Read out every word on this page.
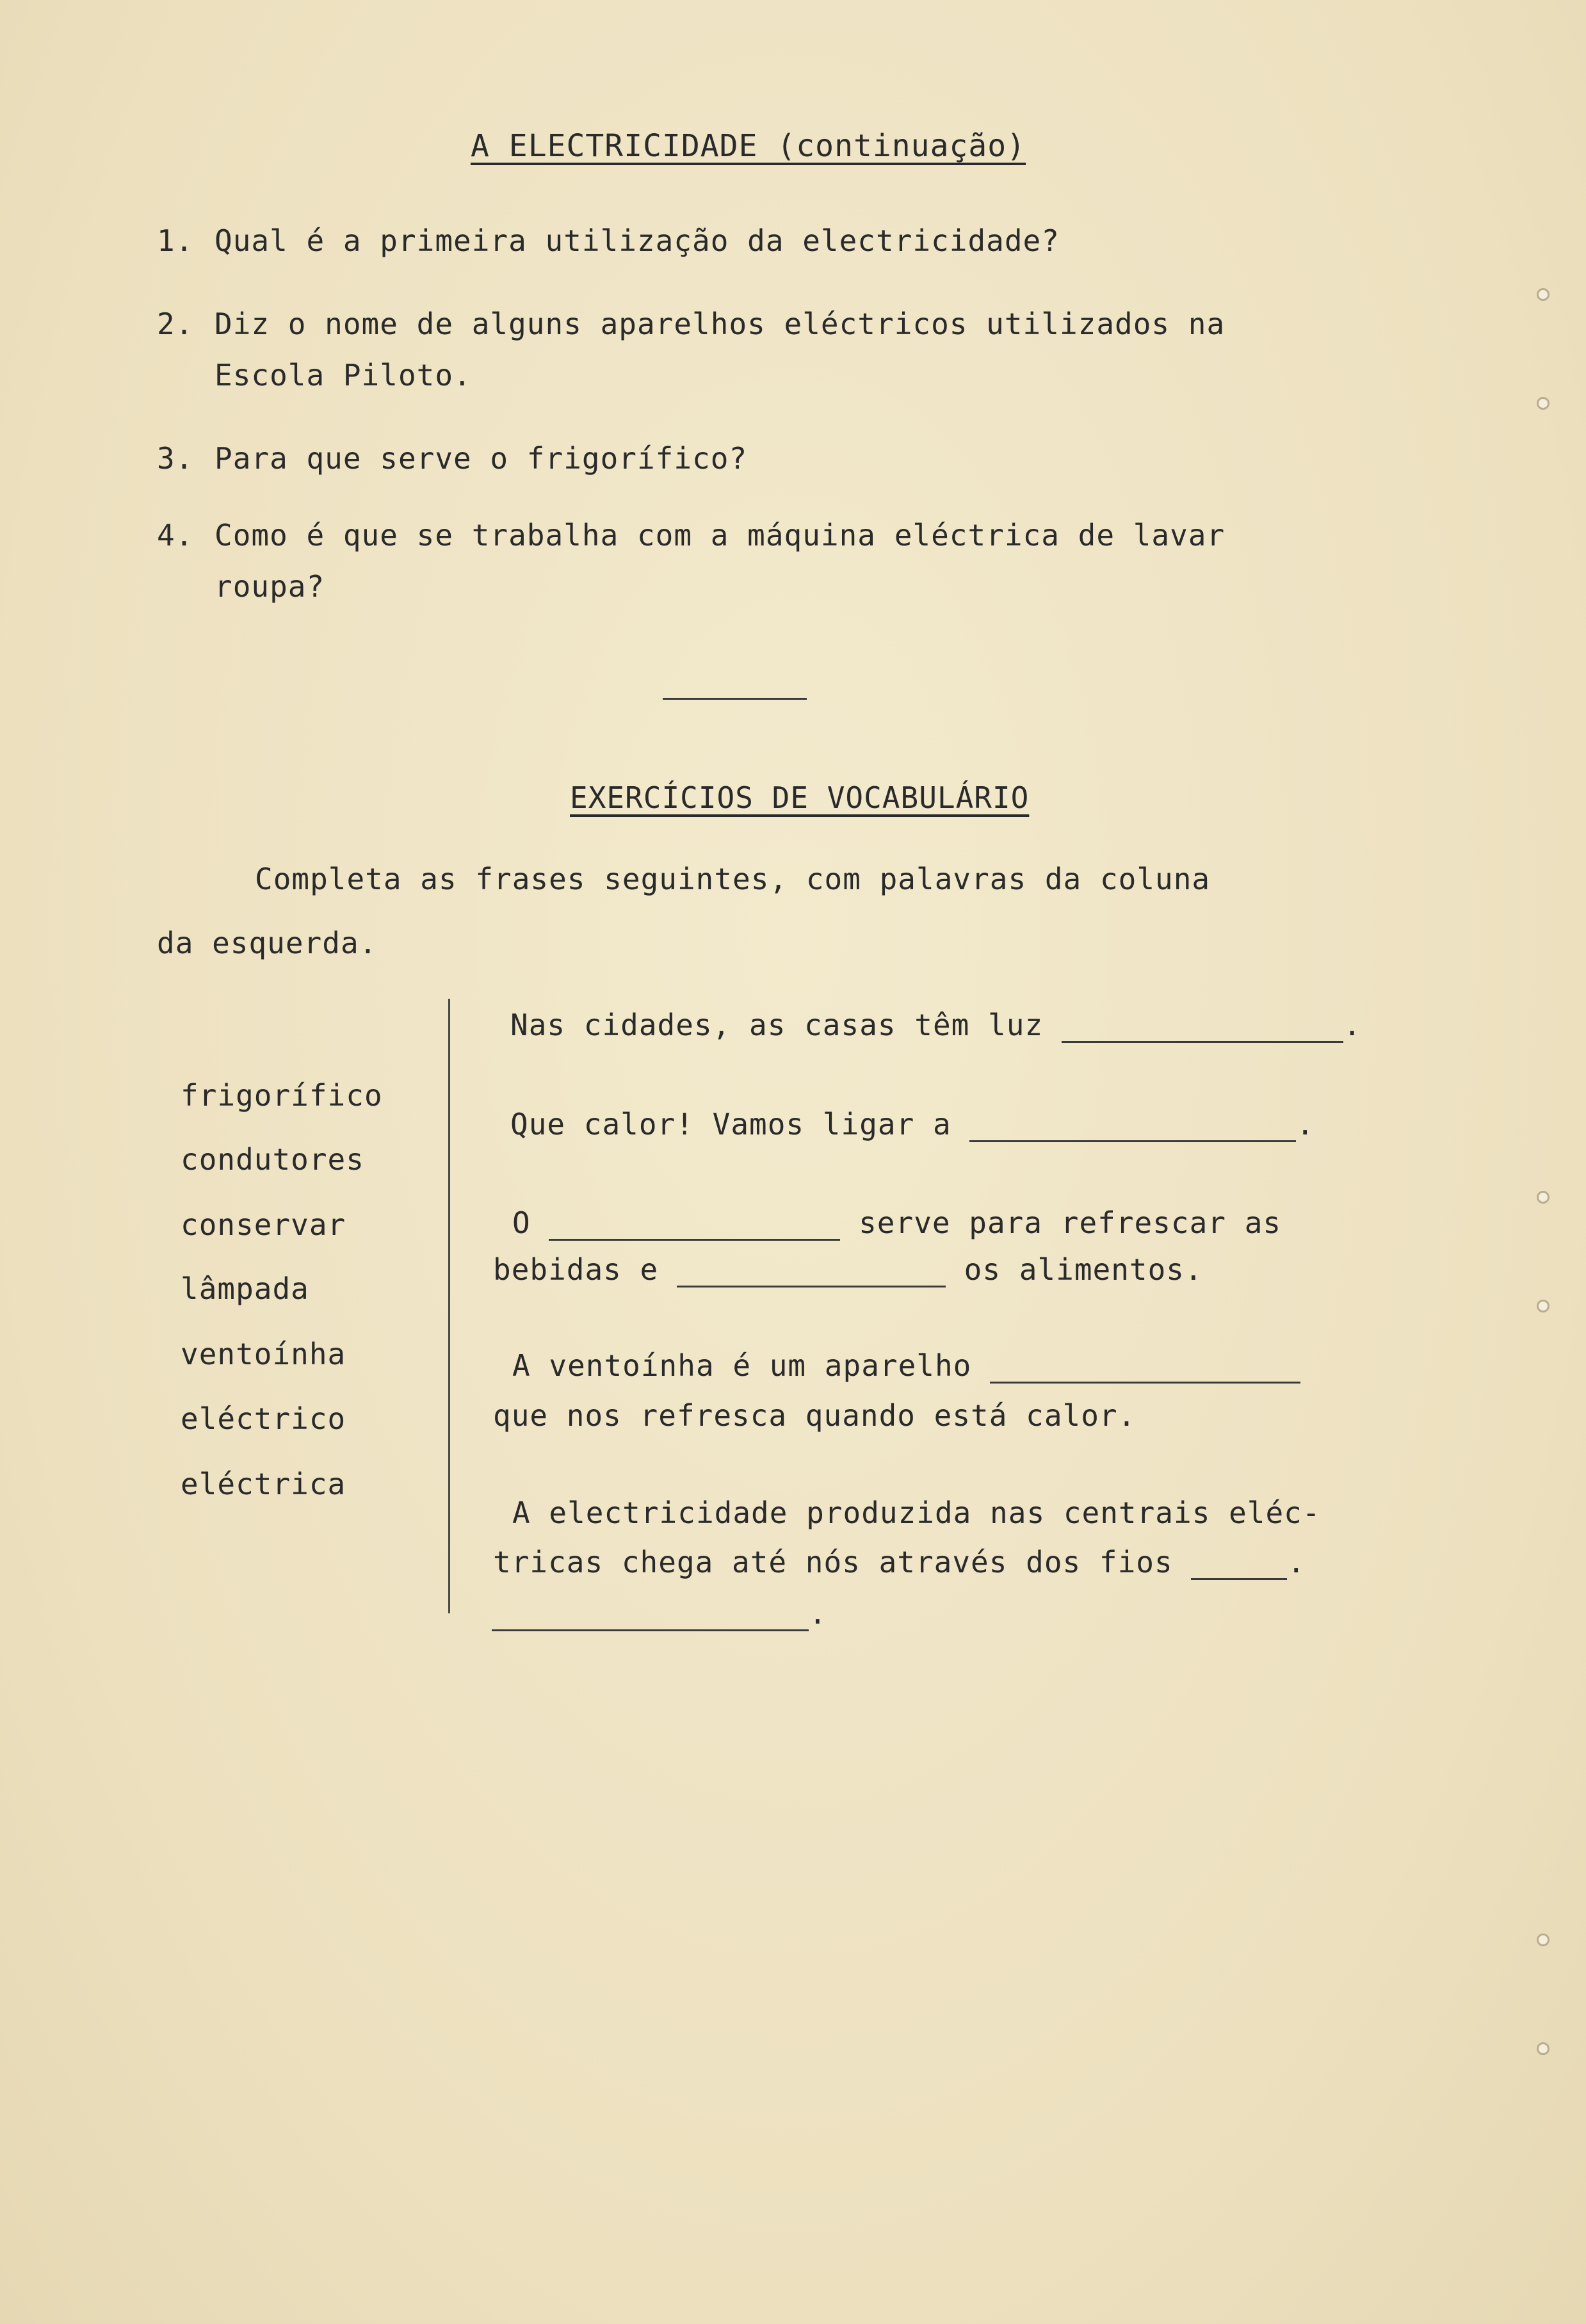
A ELECTRICIDADE (continuação)
1. Qual é a primeira utilização da electricidade?
2. Diz o nome de alguns aparelhos eléctricos utilizados na
Escola Piloto.
3. Para que serve o frigorífico?
4. Como é que se trabalha com a máquina eléctrica de lavar
roupa?
EXERCÍCIOS DE VOCABULÁRIO
Completa as frases seguintes, com palavras da coluna
da esquerda.
frigorífico
condutores
conservar
lâmpada
ventoínha
eléctrico
eléctrica
Nas cidades, as casas têm luz	.
Que calor! Vamos ligar a	.
O	serve para refrescar as
bebidas e	os alimentos.
A ventoínha é um aparelho
que nos refresca quando está calor.
A electricidade produzida nas centrais eléc-
tricas chega até nós através dos fios	.
.
